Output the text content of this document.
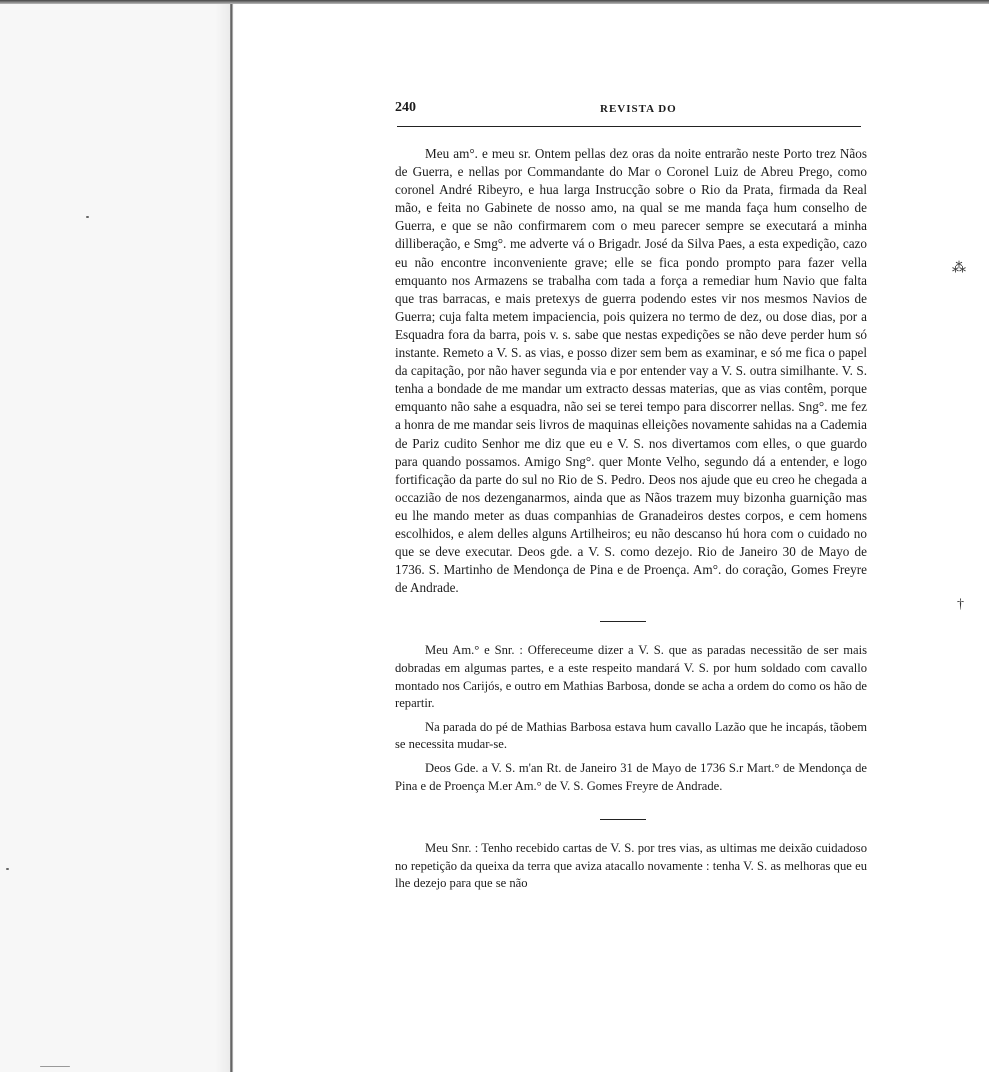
⁂
†
240	REVISTA DO

Meu am°. e meu sr. Ontem pellas dez oras da noite entrarão neste Porto trez Nãos de Guerra, e nellas por Commandante do Mar o Coronel Luiz de Abreu Prego, como coronel André Ribeyro, e hua larga Instrucção sobre o Rio da Prata, firmada da Real mão, e feita no Gabinete de nosso amo, na qual se me manda faça hum conselho de Guerra, e que se não confirmarem com o meu parecer sempre se executará a minha dilliberação, e Smg°. me adverte vá o Brigadr. José da Silva Paes, a esta expedição, cazo eu não encontre inconveniente grave; elle se fica pondo prompto para fazer vella emquanto nos Armazens se trabalha com tada a força a remediar hum Navio que falta que tras barracas, e mais pretexys de guerra podendo estes vir nos mesmos Navios de Guerra; cuja falta metem impaciencia, pois quizera no termo de dez, ou dose dias, por a Esquadra fora da barra, pois v. s. sabe que nestas expedições se não deve perder hum só instante. Remeto a V. S. as vias, e posso dizer sem bem as examinar, e só me fica o papel da capitação, por não haver segunda via e por entender vay a V. S. outra similhante. V. S. tenha a bondade de me mandar um extracto dessas materias, que as vias contêm, porque emquanto não sahe a esquadra, não sei se terei tempo para discorrer nellas. Sng°. me fez a honra de me mandar seis livros de maquinas elleições novamente sahidas na a Cademia de Pariz cudito Senhor me diz que eu e V. S. nos divertamos com elles, o que guardo para quando possamos. Amigo Sng°. quer Monte Velho, segundo dá a entender, e logo fortificação da parte do sul no Rio de S. Pedro. Deos nos ajude que eu creo he chegada a occazião de nos dezenganarmos, ainda que as Nãos trazem muy bizonha guarnição mas eu lhe mando meter as duas companhias de Granadeiros destes corpos, e cem homens escolhidos, e alem delles alguns Artilheiros; eu não descanso hú hora com o cuidado no que se deve executar. Deos gde. a V. S. como dezejo. Rio de Janeiro 30 de Mayo de 1736. S. Martinho de Mendonça de Pina e de Proença. Am°. do coração, Gomes Freyre de Andrade.

Meu Am.° e Snr. : Offereceume dizer a V. S. que as paradas necessitão de ser mais dobradas em algumas partes, e a este respeito mandará V. S. por hum soldado com cavallo montado nos Carijós, e outro em Mathias Barbosa, donde se acha a ordem do como os hão de repartir.

Na parada do pé de Mathias Barbosa estava hum cavallo Lazão que he incapás, tãobem se necessita mudar-se.

Deos Gde. a V. S. m'an Rt. de Janeiro 31 de Mayo de 1736 S.r Mart.° de Mendonça de Pina e de Proença M.er Am.° de V. S. Gomes Freyre de Andrade.

Meu Snr. : Tenho recebido cartas de V. S. por tres vias, as ultimas me deixão cuidadoso no repetição da queixa da terra que aviza atacallo novamente : tenha V. S. as melhoras que eu lhe dezejo para que se não
